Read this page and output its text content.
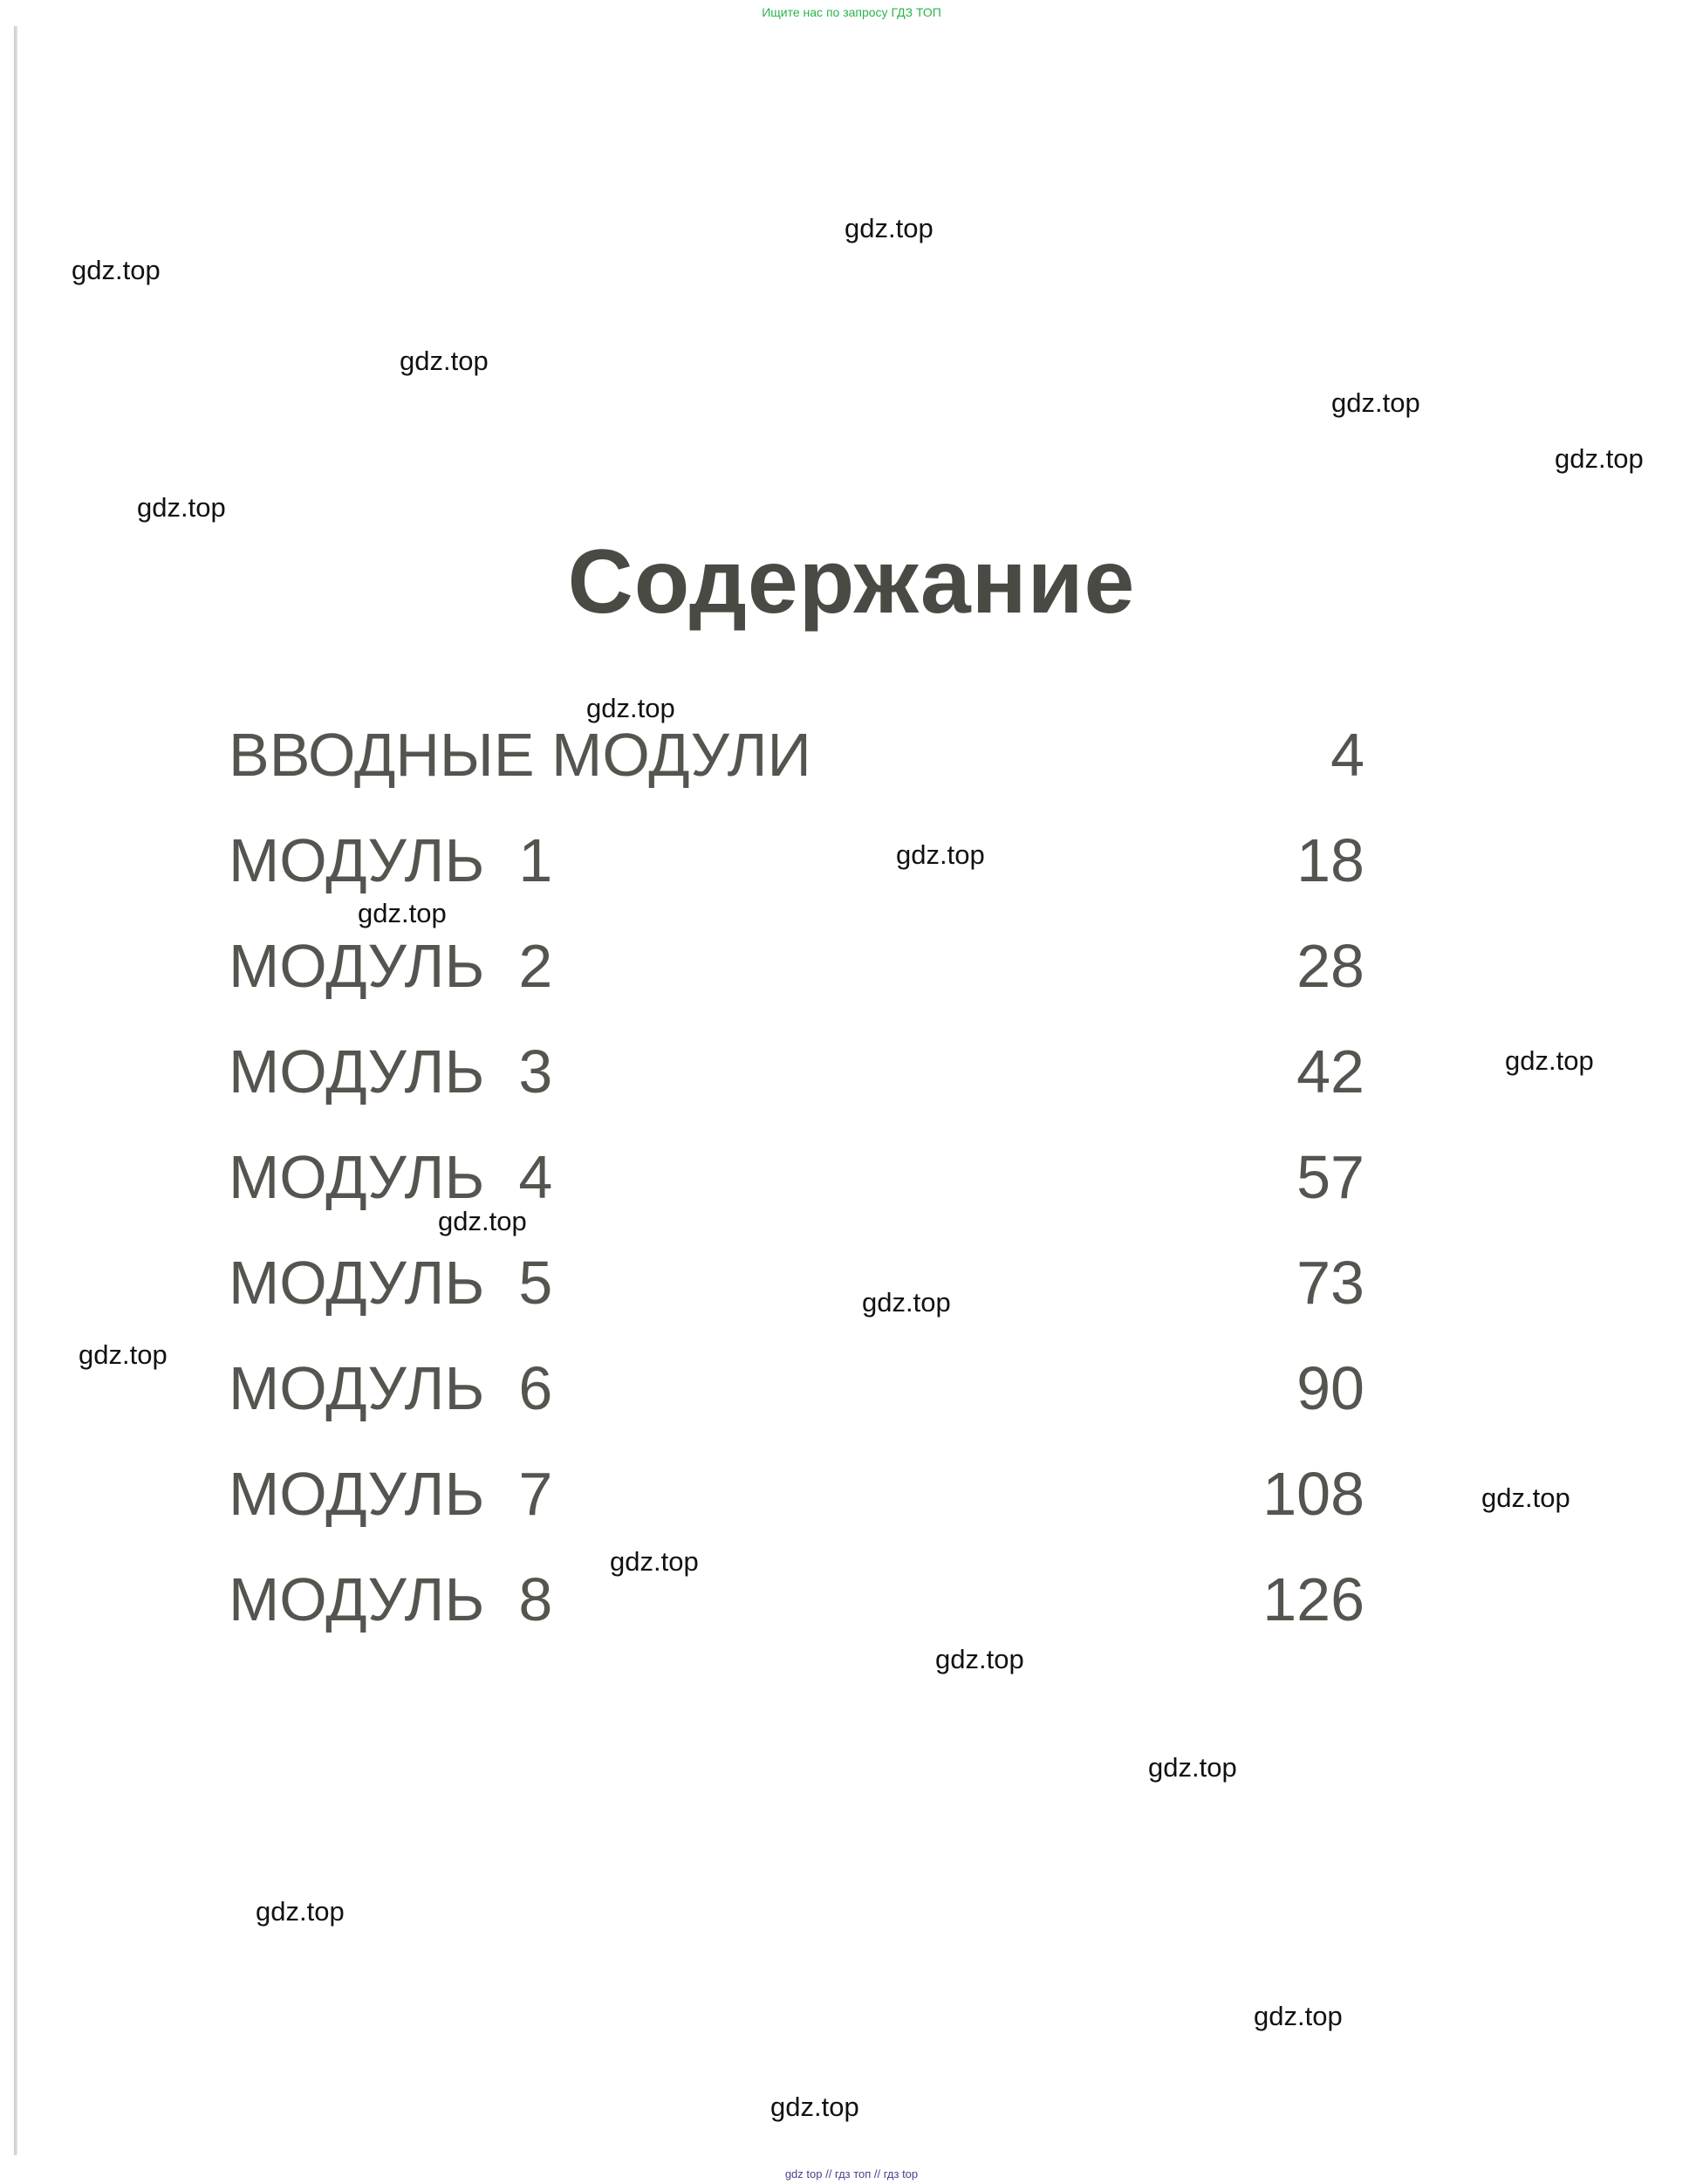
Ищите нас по запросу ГДЗ ТОП
Содержание
ВВОДНЫЕ МОДУЛИ	4
МОДУЛЬ  1	18
МОДУЛЬ  2	28
МОДУЛЬ  3	42
МОДУЛЬ  4	57
МОДУЛЬ  5	73
МОДУЛЬ  6	90
МОДУЛЬ  7	108
МОДУЛЬ  8	126
gdz.top
gdz.top
gdz.top
gdz.top
gdz.top
gdz.top
gdz.top
gdz.top
gdz.top
gdz.top
gdz.top
gdz.top
gdz.top
gdz.top
gdz.top
gdz.top
gdz.top
gdz.top
gdz.top
gdz.top
gdz top // гдз топ // гдз top
